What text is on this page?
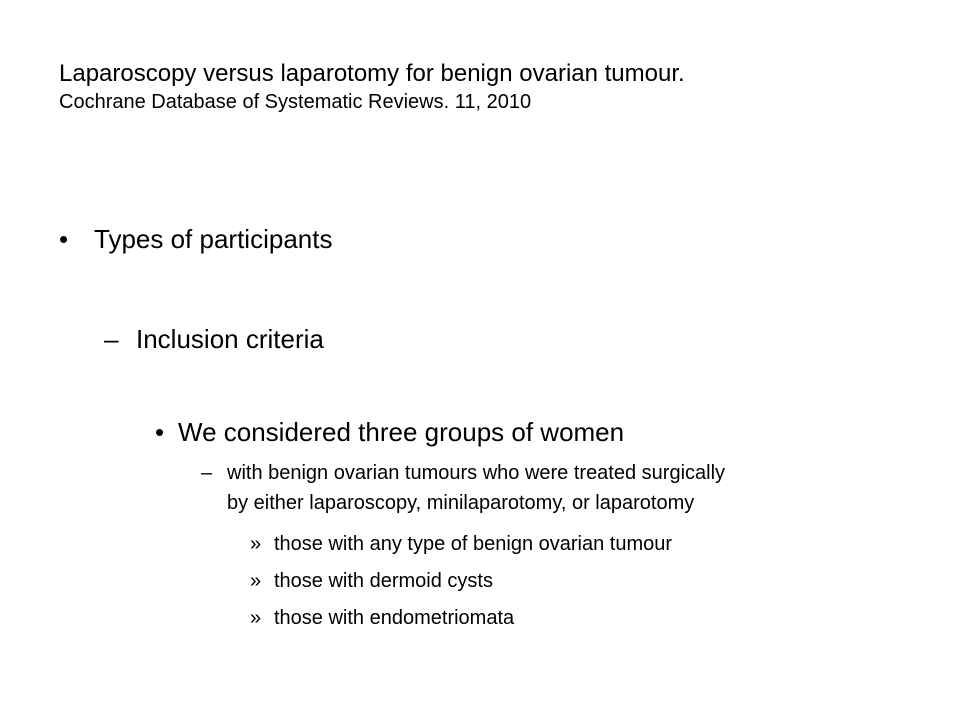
Laparoscopy versus laparotomy for benign ovarian tumour.
Cochrane Database of Systematic Reviews. 11, 2010
• Types of participants
– Inclusion criteria
• We considered three groups of women
– with benign ovarian tumours who were treated surgically
by either laparoscopy, minilaparotomy, or laparotomy
» those with any type of benign ovarian tumour
» those with dermoid cysts
» those with endometriomata
